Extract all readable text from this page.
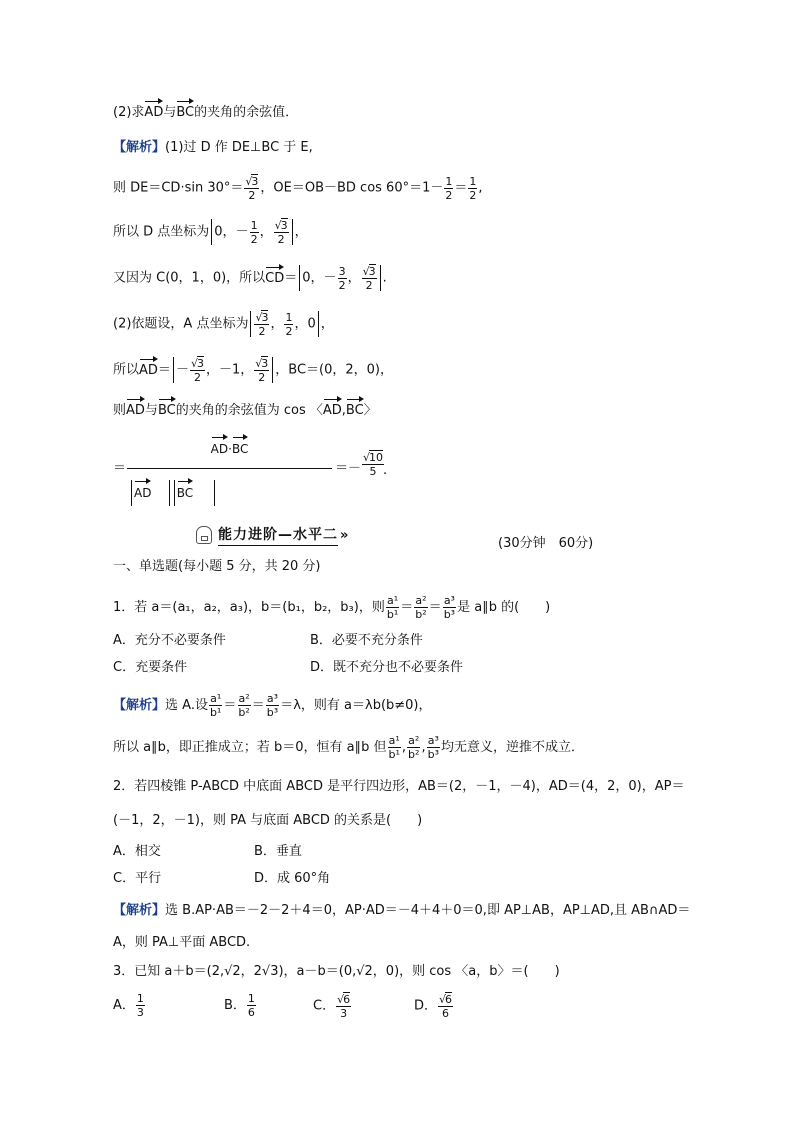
(2)求AD与BC的夹角的余弦值．
【解析】(1)过 D 作 DE⊥BC 于 E,
则 DE＝CD·sin $30^\circ= \frac{√3}{2}$ ，OE＝OB－BD $\cos 60^\circ=1- \frac{1}{2} = \frac{1}{2}$ ,
所以 D 点坐标为 0，－ $\frac{1}{2}$ ， $\frac{√3}{2}$ ，
又因为 C(0，1，0)，所以CD＝ 0，－ $\frac{3}{2}$ ， $\frac{√3}{2}$ .
(2)依题设，A 点坐标为 $\frac{√3}{2}$ ， $\frac{1}{2}$ ，0 ，
所以$AD= - \frac{√3}{2}$ ，－1， $\frac{√3}{2}$ ，BC＝(0，2，0)，
则AD与BC的夹角的余弦值为 cos 〈AD,BC〉
＝
AD·BC
AD BC
＝－ $\frac{√10}{5}$
.
能力进阶—水平二 »
(30分钟　60分)
一、单选题(每小题 5 分，共 20 分)
1．若 a＝(a₁，a₂，a₃)，b＝(b₁，b₂，b₃)，则 $\frac{\text{a¹}}{\text{b¹}} = \frac{\text{a²}}{\text{b²}} = \frac{\text{a³}}{\text{b³}}$ 是 a∥b 的(　　)
A．充分不必要条件	B．必要不充分条件
C．充要条件	D．既不充分也不必要条件
【解析】选 A.设 $\frac{\text{a¹}}{\text{b¹}} = \frac{\text{a²}}{\text{b²}} = \frac{\text{a³}}{\text{b³}} =\lambda$，则有 a＝λb(b≠0)，
所以 a∥b，即正推成立；若 b＝0，恒有 a∥b 但 $\frac{\text{a¹}}{\text{b¹}}$ , $\frac{\text{a²}}{\text{b²}}$ , $\frac{\text{a³}}{\text{b³}}$ 均无意义，逆推不成立．
2．若四棱锥 P-ABCD 中底面 ABCD 是平行四边形，AB＝(2，－1，－4)，AD＝(4，2，0)，AP＝
(－1，2，－1)，则 PA 与底面 ABCD 的关系是(　　)
A．相交	B．垂直
C．平行	D．成 60°角
【解析】选 B.AP·AB＝－2－2＋4＝0，AP·AD＝－4＋4＋0＝0,即 AP⊥AB，AP⊥AD,且 AB∩AD＝
A，则 PA⊥平面 ABCD.
3．已知 a＋b＝(2,√2，2√3)，a－b＝(0,√2，0)，则 cos 〈a，b〉＝(　　)
A． $\frac{1}{3}$	B． $\frac{1}{6}$	C． $\frac{√6}{3}$	D． $\frac{√6}{6}$
